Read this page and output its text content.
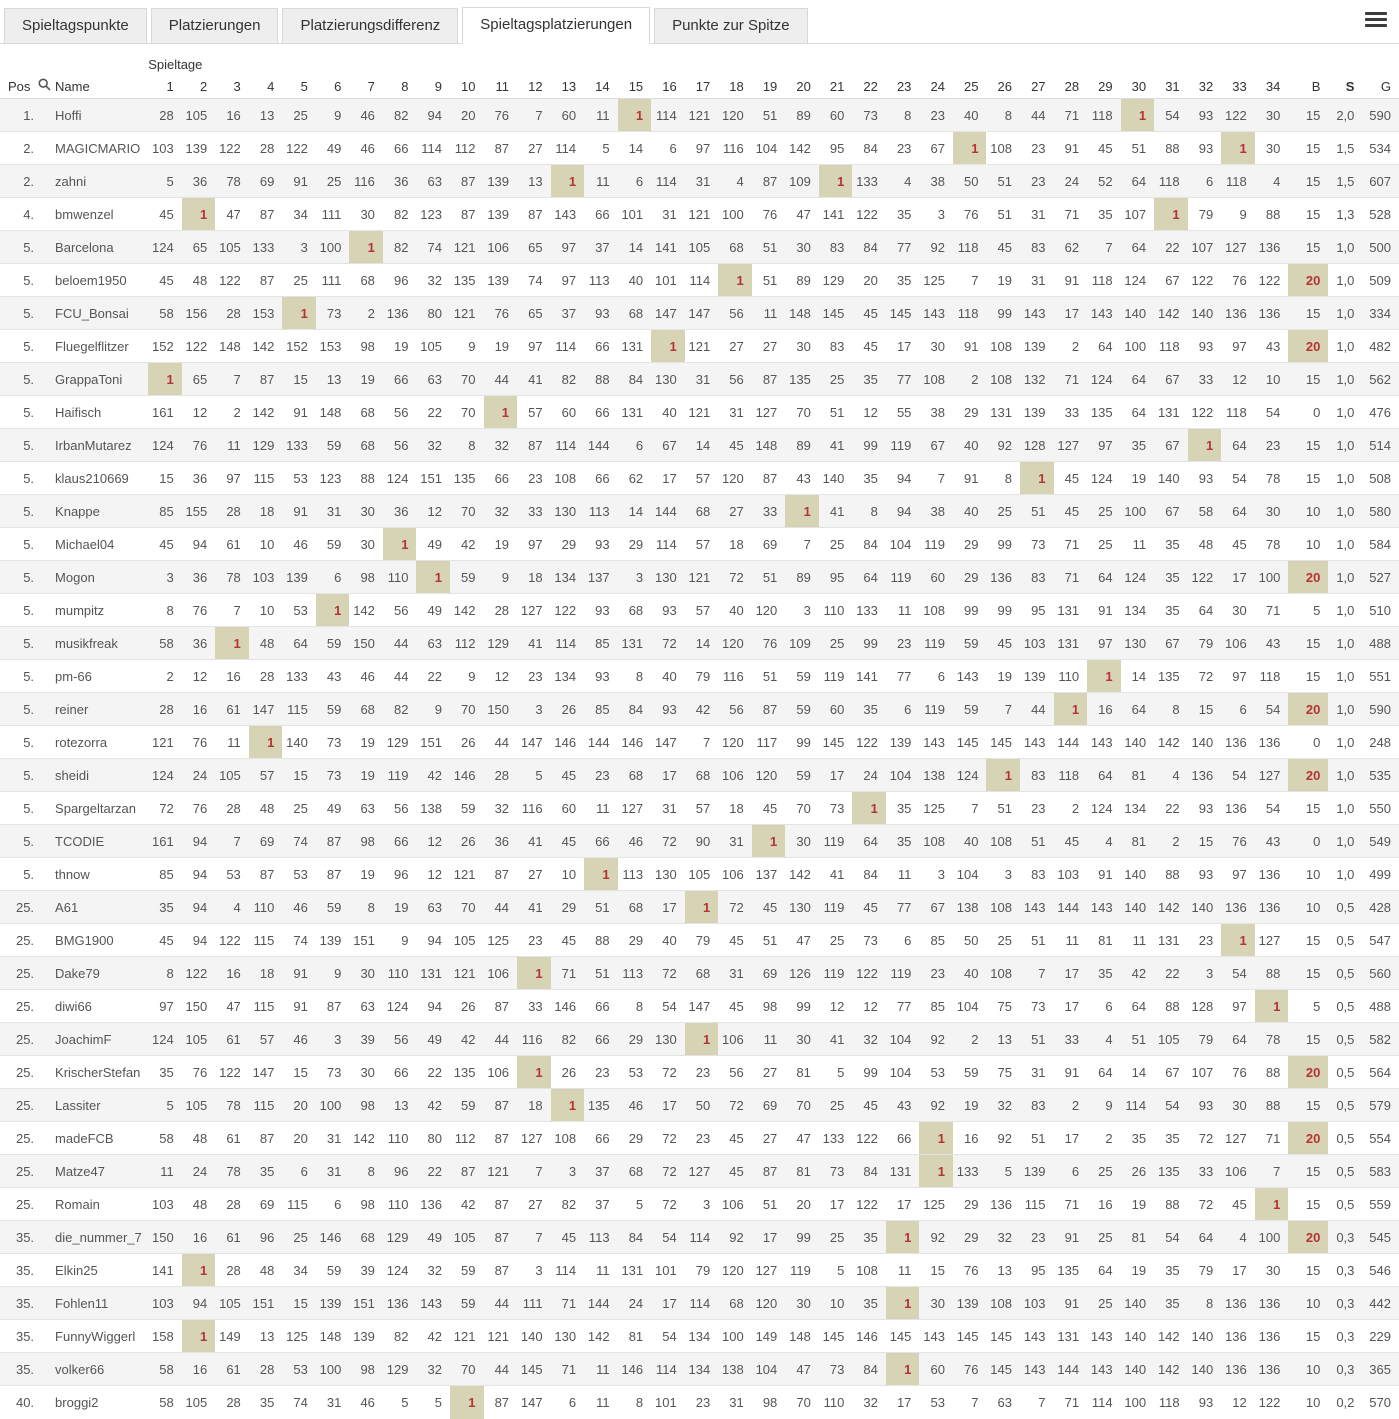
Spieltagspunkte	Platzierungen	Platzierungsdifferenz	Spieltagsplatzierungen	Punkte zur Spitze
		Spieltage																																				
Pos	Name	1	2	3	4	5	6	7	8	9	10	11	12	13	14	15	16	17	18	19	20	21	22	23	24	25	26	27	28	29	30	31	32	33	34	B	S	G
1.	Hoffi	28	105	16	13	25	9	46	82	94	20	76	7	60	11	1	114	121	120	51	89	60	73	8	23	40	8	44	71	118	1	54	93	122	30	15	2,0	590
2.	MAGICMARIO	103	139	122	28	122	49	46	66	114	112	87	27	114	5	14	6	97	116	104	142	95	84	23	67	1	108	23	91	45	51	88	93	1	30	15	1,5	534
2.	zahni	5	36	78	69	91	25	116	36	63	87	139	13	1	11	6	114	31	4	87	109	1	133	4	38	50	51	23	24	52	64	118	6	118	4	15	1,5	607
4.	bmwenzel	45	1	47	87	34	111	30	82	123	87	139	87	143	66	101	31	121	100	76	47	141	122	35	3	76	51	31	71	35	107	1	79	9	88	15	1,3	528
5.	Barcelona	124	65	105	133	3	100	1	82	74	121	106	65	97	37	14	141	105	68	51	30	83	84	77	92	118	45	83	62	7	64	22	107	127	136	15	1,0	500
5.	beloem1950	45	48	122	87	25	111	68	96	32	135	139	74	97	113	40	101	114	1	51	89	129	20	35	125	7	19	31	91	118	124	67	122	76	122	20	1,0	509
5.	FCU_Bonsai	58	156	28	153	1	73	2	136	80	121	76	65	37	93	68	147	147	56	11	148	145	45	145	143	118	99	143	17	143	140	142	140	136	136	15	1,0	334
5.	Fluegelflitzer	152	122	148	142	152	153	98	19	105	9	19	97	114	66	131	1	121	27	27	30	83	45	17	30	91	108	139	2	64	100	118	93	97	43	20	1,0	482
5.	GrappaToni	1	65	7	87	15	13	19	66	63	70	44	41	82	88	84	130	31	56	87	135	25	35	77	108	2	108	132	71	124	64	67	33	12	10	15	1,0	562
5.	Haifisch	161	12	2	142	91	148	68	56	22	70	1	57	60	66	131	40	121	31	127	70	51	12	55	38	29	131	139	33	135	64	131	122	118	54	0	1,0	476
5.	IrbanMutarez	124	76	11	129	133	59	68	56	32	8	32	87	114	144	6	67	14	45	148	89	41	99	119	67	40	92	128	127	97	35	67	1	64	23	15	1,0	514
5.	klaus210669	15	36	97	115	53	123	88	124	151	135	66	23	108	66	62	17	57	120	87	43	140	35	94	7	91	8	1	45	124	19	140	93	54	78	15	1,0	508
5.	Knappe	85	155	28	18	91	31	30	36	12	70	32	33	130	113	14	144	68	27	33	1	41	8	94	38	40	25	51	45	25	100	67	58	64	30	10	1,0	580
5.	Michael04	45	94	61	10	46	59	30	1	49	42	19	97	29	93	29	114	57	18	69	7	25	84	104	119	29	99	73	71	25	11	35	48	45	78	10	1,0	584
5.	Mogon	3	36	78	103	139	6	98	110	1	59	9	18	134	137	3	130	121	72	51	89	95	64	119	60	29	136	83	71	64	124	35	122	17	100	20	1,0	527
5.	mumpitz	8	76	7	10	53	1	142	56	49	142	28	127	122	93	68	93	57	40	120	3	110	133	11	108	99	99	95	131	91	134	35	64	30	71	5	1,0	510
5.	musikfreak	58	36	1	48	64	59	150	44	63	112	129	41	114	85	131	72	14	120	76	109	25	99	23	119	59	45	103	131	97	130	67	79	106	43	15	1,0	488
5.	pm-66	2	12	16	28	133	43	46	44	22	9	12	23	134	93	8	40	79	116	51	59	119	141	77	6	143	19	139	110	1	14	135	72	97	118	15	1,0	551
5.	reiner	28	16	61	147	115	59	68	82	9	70	150	3	26	85	84	93	42	56	87	59	60	35	6	119	59	7	44	1	16	64	8	15	6	54	20	1,0	590
5.	rotezorra	121	76	11	1	140	73	19	129	151	26	44	147	146	144	146	147	7	120	117	99	145	122	139	143	145	145	143	144	143	140	142	140	136	136	0	1,0	248
5.	sheidi	124	24	105	57	15	73	19	119	42	146	28	5	45	23	68	17	68	106	120	59	17	24	104	138	124	1	83	118	64	81	4	136	54	127	20	1,0	535
5.	Spargeltarzan	72	76	28	48	25	49	63	56	138	59	32	116	60	11	127	31	57	18	45	70	73	1	35	125	7	51	23	2	124	134	22	93	136	54	15	1,0	550
5.	TCODIE	161	94	7	69	74	87	98	66	12	26	36	41	45	66	46	72	90	31	1	30	119	64	35	108	40	108	51	45	4	81	2	15	76	43	0	1,0	549
5.	thnow	85	94	53	87	53	87	19	96	12	121	87	27	10	1	113	130	105	106	137	142	41	84	11	3	104	3	83	103	91	140	88	93	97	136	10	1,0	499
25.	A61	35	94	4	110	46	59	8	19	63	70	44	41	29	51	68	17	1	72	45	130	119	45	77	67	138	108	143	144	143	140	142	140	136	136	10	0,5	428
25.	BMG1900	45	94	122	115	74	139	151	9	94	105	125	23	45	88	29	40	79	45	51	47	25	73	6	85	50	25	51	11	81	11	131	23	1	127	15	0,5	547
25.	Dake79	8	122	16	18	91	9	30	110	131	121	106	1	71	51	113	72	68	31	69	126	119	122	119	23	40	108	7	17	35	42	22	3	54	88	15	0,5	560
25.	diwi66	97	150	47	115	91	87	63	124	94	26	87	33	146	66	8	54	147	45	98	99	12	12	77	85	104	75	73	17	6	64	88	128	97	1	5	0,5	488
25.	JoachimF	124	105	61	57	46	3	39	56	49	42	44	116	82	66	29	130	1	106	11	30	41	32	104	92	2	13	51	33	4	51	105	79	64	78	15	0,5	582
25.	KrischerStefan	35	76	122	147	15	73	30	66	22	135	106	1	26	23	53	72	23	56	27	81	5	99	104	53	59	75	31	91	64	14	67	107	76	88	20	0,5	564
25.	Lassiter	5	105	78	115	20	100	98	13	42	59	87	18	1	135	46	17	50	72	69	70	25	45	43	92	19	32	83	2	9	114	54	93	30	88	15	0,5	579
25.	madeFCB	58	48	61	87	20	31	142	110	80	112	87	127	108	66	29	72	23	45	27	47	133	122	66	1	16	92	51	17	2	35	35	72	127	71	20	0,5	554
25.	Matze47	11	24	78	35	6	31	8	96	22	87	121	7	3	37	68	72	127	45	87	81	73	84	131	1	133	5	139	6	25	26	135	33	106	7	15	0,5	583
25.	Romain	103	48	28	69	115	6	98	110	136	42	87	27	82	37	5	72	3	106	51	20	17	122	17	125	29	136	115	71	16	19	88	72	45	1	15	0,5	559
35.	die_nummer_7	150	16	61	96	25	146	68	129	49	105	87	7	45	113	84	54	114	92	17	99	25	35	1	92	29	32	23	91	25	81	54	64	4	100	20	0,3	545
35.	Elkin25	141	1	28	48	34	59	39	124	32	59	87	3	114	11	131	101	79	120	127	119	5	108	11	15	76	13	95	135	64	19	35	79	17	30	15	0,3	546
35.	Fohlen11	103	94	105	151	15	139	151	136	143	59	44	111	71	144	24	17	114	68	120	30	10	35	1	30	139	108	103	91	25	140	35	8	136	136	10	0,3	442
35.	FunnyWiggerl	158	1	149	13	125	148	139	82	42	121	121	140	130	142	81	54	134	100	149	148	145	146	145	143	145	145	143	131	143	140	142	140	136	136	15	0,3	229
35.	volker66	58	16	61	28	53	100	98	129	32	70	44	145	71	11	146	114	134	138	104	47	73	84	1	60	76	145	143	144	143	140	142	140	136	136	10	0,3	365
40.	broggi2	58	105	28	35	74	31	46	5	5	1	87	147	6	11	8	101	23	31	98	70	110	32	17	53	7	63	7	71	114	100	118	93	12	122	10	0,2	570
